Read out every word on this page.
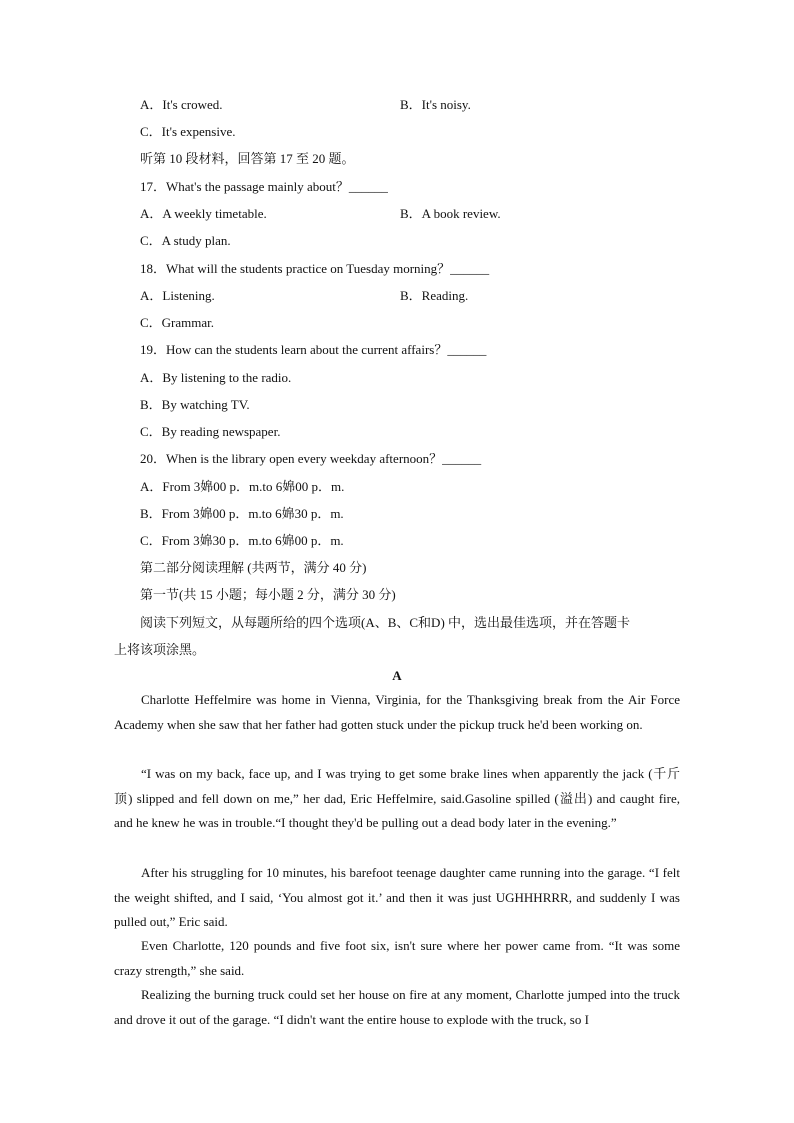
A．It's crowed.	B．It's noisy.
C．It's expensive.
听第 10 段材料，回答第 17 至 20 题。
17．What's the passage mainly about？______
A．A weekly timetable.	B．A book review.
C．A study plan.
18．What will the students practice on Tuesday morning？______
A．Listening.	B．Reading.
C．Grammar.
19．How can the students learn about the current affairs？______
A．By listening to the radio.
B．By watching TV.
C．By reading newspaper.
20．When is the library open every weekday afternoon？______
A．From 3婂00 p．m.to 6婂00 p．m.
B．From 3婂00 p．m.to 6婂30 p．m.
C．From 3婂30 p．m.to 6婂00 p．m.
第二部分阅读理解 (共两节，满分 40 分)
第一节(共 15 小题；每小题 2 分，满分 30 分)
阅读下列短文，从每题所给的四个选项(A、B、C和D) 中，选出最佳选项，并在答题卡
上将该项涂黑。
A
Charlotte Heffelmire was home in Vienna, Virginia, for the Thanksgiving break from the Air Force Academy when she saw that her father had gotten stuck under the pickup truck he'd been working on.
“I was on my back, face up, and I was trying to get some brake lines when apparently the jack (千斤顶) slipped and fell down on me,” her dad, Eric Heffelmire, said.Gasoline spilled (溢出) and caught fire, and he knew he was in trouble.“I thought they'd be pulling out a dead body later in the evening.”
After his struggling for 10 minutes, his barefoot teenage daughter came running into the garage. “I felt the weight shifted, and I said, ‘You almost got it.’ and then it was just UGHHHRRR, and suddenly I was pulled out,” Eric said.
Even Charlotte, 120 pounds and five foot six, isn't sure where her power came from. “It was some crazy strength,” she said.
Realizing the burning truck could set her house on fire at any moment, Charlotte jumped into the truck and drove it out of the garage. “I didn't want the entire house to explode with the truck, so I
